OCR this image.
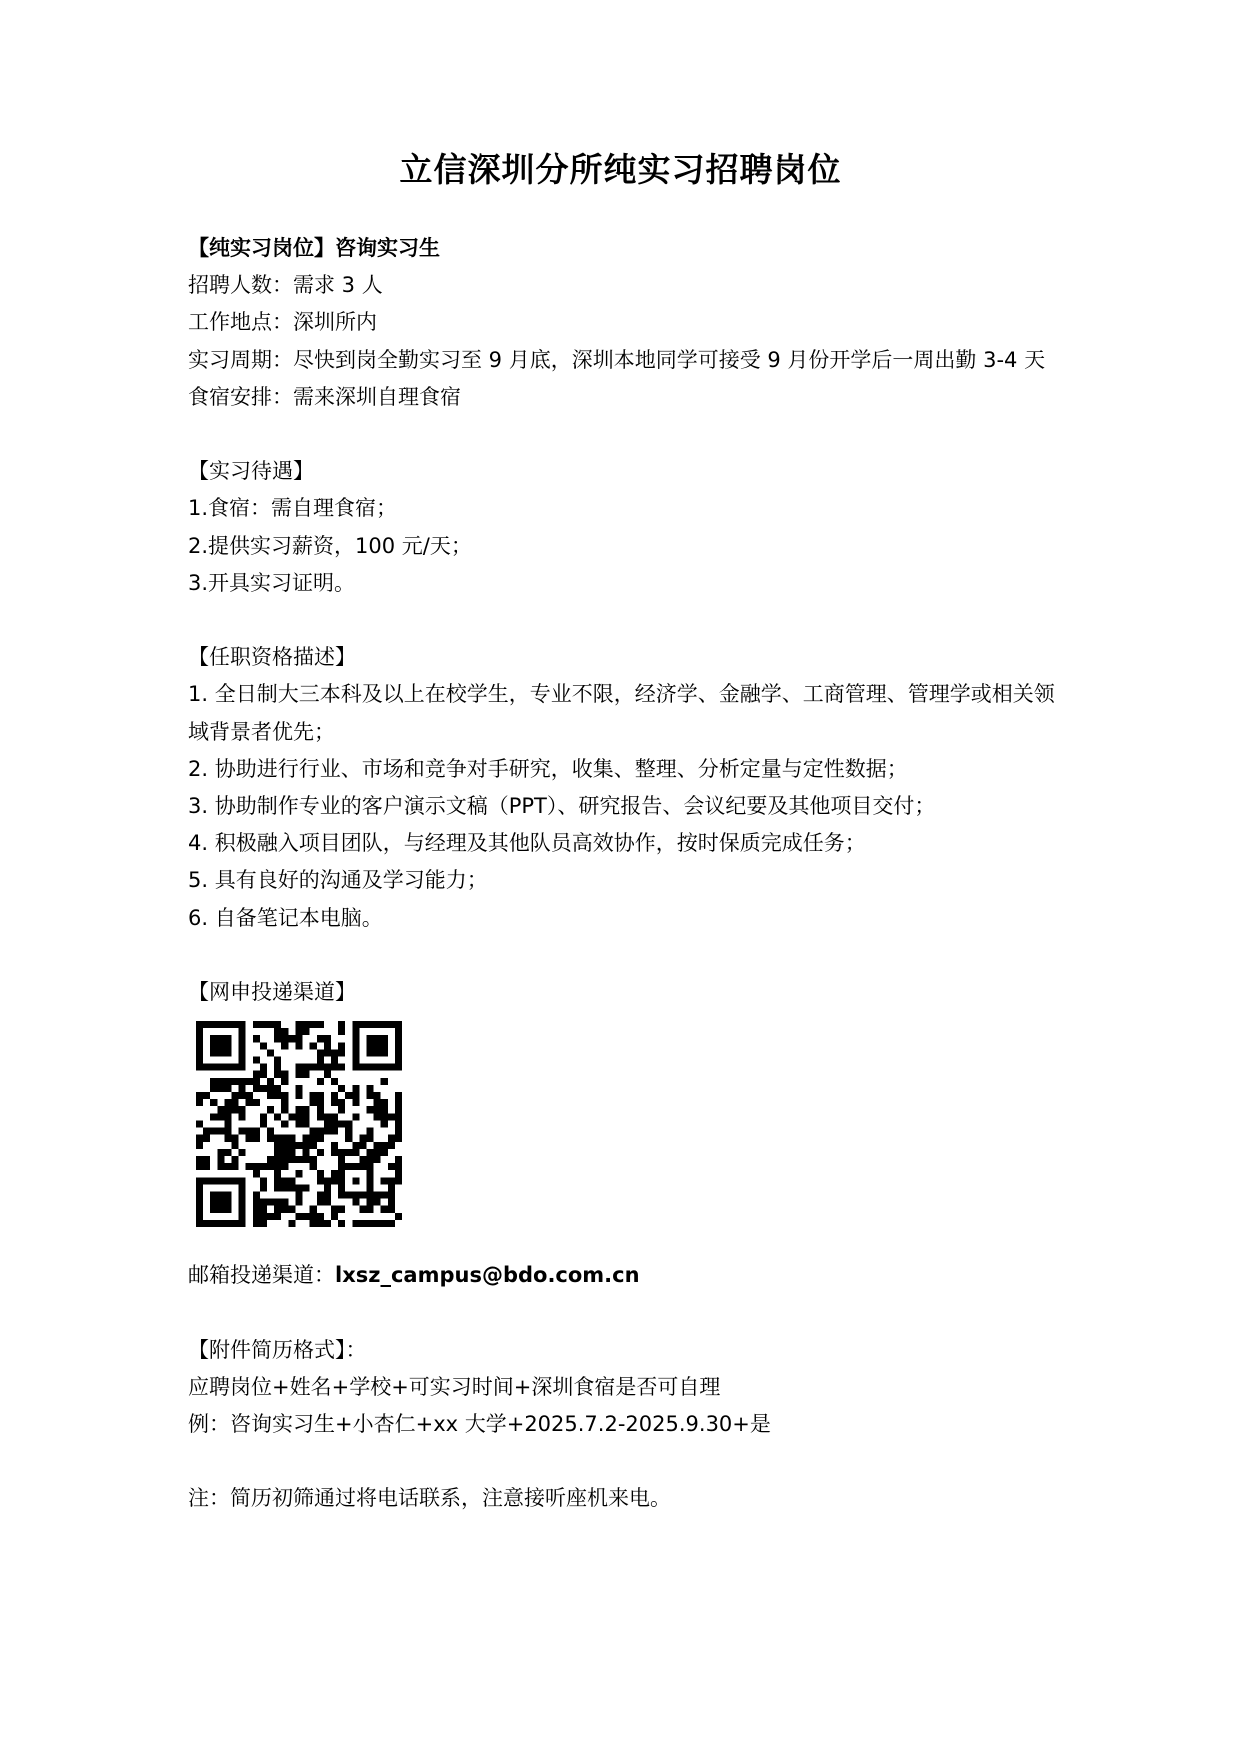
立信深圳分所纯实习招聘岗位
【纯实习岗位】咨询实习生
招聘人数：需求 3 人
工作地点：深圳所内
实习周期：尽快到岗全勤实习至 9 月底，深圳本地同学可接受 9 月份开学后一周出勤 3-4 天
食宿安排：需来深圳自理食宿
【实习待遇】
1.食宿：需自理食宿；
2.提供实习薪资，100 元/天；
3.开具实习证明。
【任职资格描述】
1. 全日制大三本科及以上在校学生，专业不限，经济学、金融学、工商管理、管理学或相关领域背景者优先；
2. 协助进行行业、市场和竞争对手研究，收集、整理、分析定量与定性数据；
3. 协助制作专业的客户演示文稿（PPT）、研究报告、会议纪要及其他项目交付；
4. 积极融入项目团队，与经理及其他队员高效协作，按时保质完成任务；
5. 具有良好的沟通及学习能力；
6. 自备笔记本电脑。
【网申投递渠道】
邮箱投递渠道：lxsz_campus@bdo.com.cn
【附件简历格式】：
应聘岗位+姓名+学校+可实习时间+深圳食宿是否可自理
例：咨询实习生+小杏仁+xx 大学+2025.7.2-2025.9.30+是
注：简历初筛通过将电话联系，注意接听座机来电。
